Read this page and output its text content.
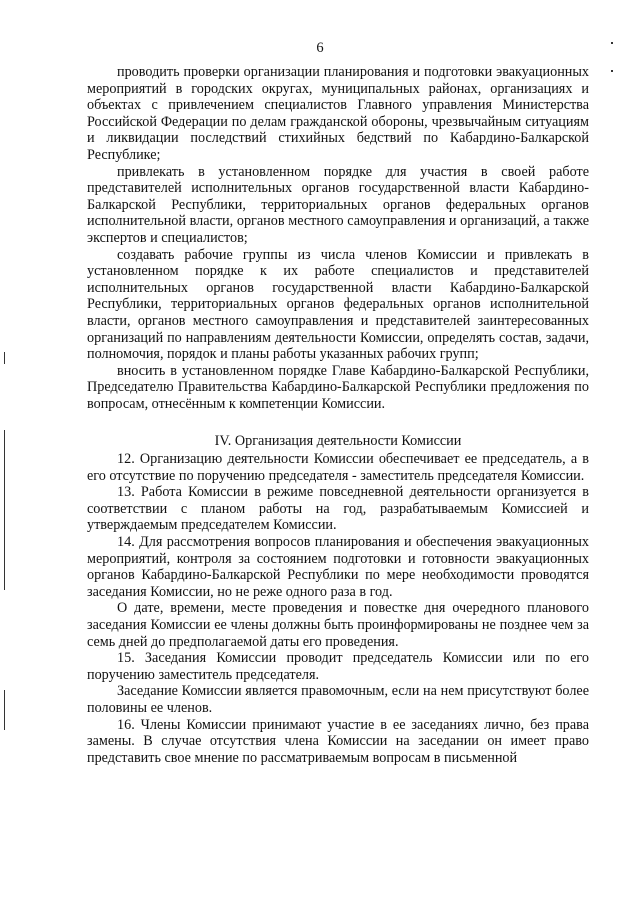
6

проводить проверки организации планирования и подготовки эвакуационных мероприятий в городских округах, муниципальных районах, организациях и объектах с привлечением специалистов Главного управления Министерства Российской Федерации по делам гражданской обороны, чрезвычайным ситуациям и ликвидации последствий стихийных бедствий по Кабардино-Балкарской Республике;

привлекать в установленном порядке для участия в своей работе представителей исполнительных органов государственной власти Кабардино-Балкарской Республики, территориальных органов федеральных органов исполнительной власти, органов местного самоуправления и организаций, а также экспертов и специалистов;

создавать рабочие группы из числа членов Комиссии и привлекать в установленном порядке к их работе специалистов и представителей исполнительных органов государственной власти Кабардино-Балкарской Республики, территориальных органов федеральных органов исполнительной власти, органов местного самоуправления и представителей заинтересованных организаций по направлениям деятельности Комиссии, определять состав, задачи, полномочия, порядок и планы работы указанных рабочих групп;

вносить в установленном порядке Главе Кабардино-Балкарской Республики, Председателю Правительства Кабардино-Балкарской Республики предложения по вопросам, отнесённым к компетенции Комиссии.

IV. Организация деятельности Комиссии

12. Организацию деятельности Комиссии обеспечивает ее председатель, а в его отсутствие по поручению председателя - заместитель председателя Комиссии.

13. Работа Комиссии в режиме повседневной деятельности организуется в соответствии с планом работы на год, разрабатываемым Комиссией и утверждаемым председателем Комиссии.

14. Для рассмотрения вопросов планирования и обеспечения эвакуационных мероприятий, контроля за состоянием подготовки и готовности эвакуационных органов Кабардино-Балкарской Республики по мере необходимости проводятся заседания Комиссии, но не реже одного раза в год.

О дате, времени, месте проведения и повестке дня очередного планового заседания Комиссии ее члены должны быть проинформированы не позднее чем за семь дней до предполагаемой даты его проведения.

15. Заседания Комиссии проводит председатель Комиссии или по его поручению заместитель председателя.

Заседание Комиссии является правомочным, если на нем присутствуют более половины ее членов.

16. Члены Комиссии принимают участие в ее заседаниях лично, без права замены. В случае отсутствия члена Комиссии на заседании он имеет право представить свое мнение по рассматриваемым вопросам в письменной
